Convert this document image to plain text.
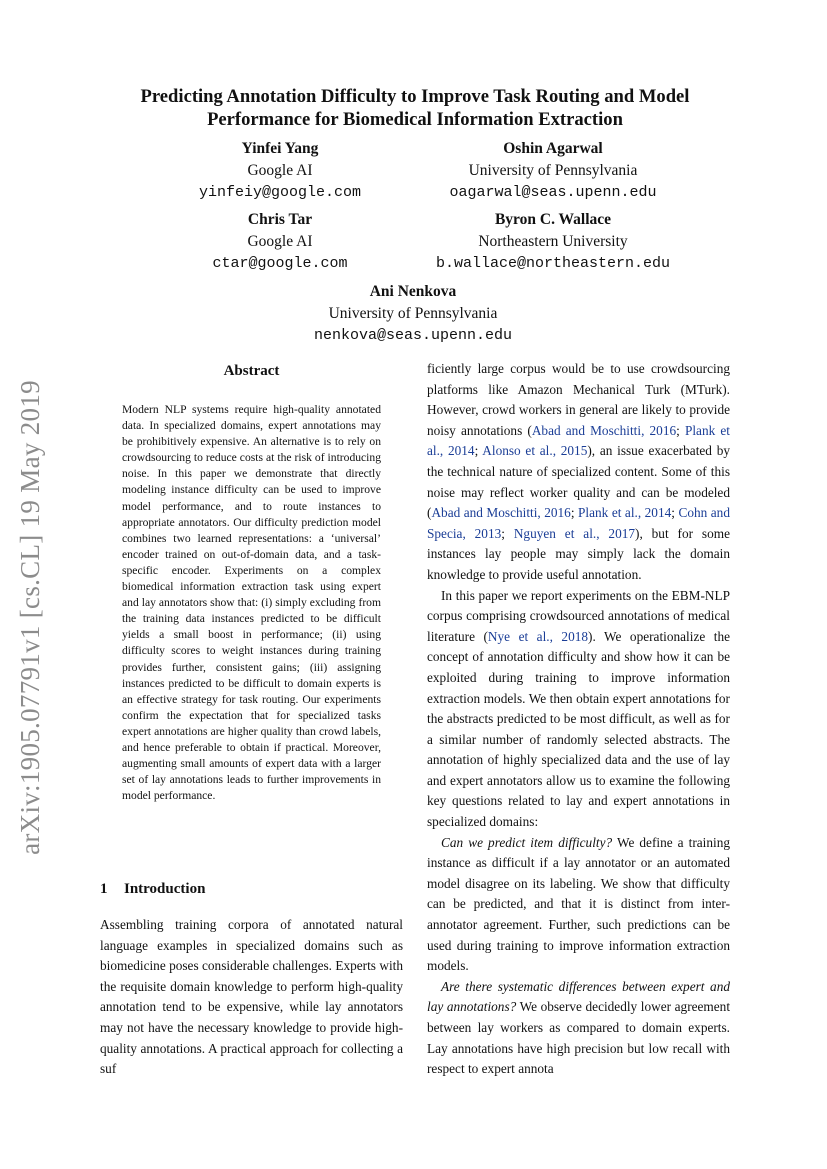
arXiv:1905.07791v1 [cs.CL] 19 May 2019
Predicting Annotation Difficulty to Improve Task Routing and Model
Performance for Biomedical Information Extraction
Yinfei Yang
Google AI
yinfeiy@google.com
Oshin Agarwal
University of Pennsylvania
oagarwal@seas.upenn.edu
Chris Tar
Google AI
ctar@google.com
Byron C. Wallace
Northeastern University
b.wallace@northeastern.edu
Ani Nenkova
University of Pennsylvania
nenkova@seas.upenn.edu
Abstract

Modern NLP systems require high-quality annotated data. In specialized domains, expert annotations may be prohibitively expensive. An alternative is to rely on crowdsourcing to reduce costs at the risk of introducing noise. In this paper we demonstrate that directly modeling instance difficulty can be used to improve model performance, and to route instances to appropriate annotators. Our difficulty prediction model combines two learned representations: a ‘universal’ encoder trained on out-of-domain data, and a task-specific encoder. Experiments on a complex biomedical information extraction task using expert and lay annotators show that: (i) simply excluding from the training data instances predicted to be difficult yields a small boost in performance; (ii) using difficulty scores to weight instances during training provides further, consistent gains; (iii) assigning instances predicted to be difficult to domain experts is an effective strategy for task routing. Our experiments confirm the expectation that for specialized tasks expert annotations are higher quality than crowd labels, and hence preferable to obtain if practical. Moreover, augmenting small amounts of expert data with a larger set of lay annotations leads to further improvements in model performance.

1 Introduction

Assembling training corpora of annotated natural language examples in specialized domains such as biomedicine poses considerable challenges. Experts with the requisite domain knowledge to perform high-quality annotation tend to be expensive, while lay annotators may not have the necessary knowledge to provide high-quality annotations. A practical approach for collecting a suf

ficiently large corpus would be to use crowdsourcing platforms like Amazon Mechanical Turk (MTurk). However, crowd workers in general are likely to provide noisy annotations (Abad and Moschitti, 2016; Plank et al., 2014; Alonso et al., 2015), an issue exacerbated by the technical nature of specialized content. Some of this noise may reflect worker quality and can be modeled (Abad and Moschitti, 2016; Plank et al., 2014; Cohn and Specia, 2013; Nguyen et al., 2017), but for some instances lay people may simply lack the domain knowledge to provide useful annotation.

In this paper we report experiments on the EBM-NLP corpus comprising crowdsourced annotations of medical literature (Nye et al., 2018). We operationalize the concept of annotation difficulty and show how it can be exploited during training to improve information extraction models. We then obtain expert annotations for the abstracts predicted to be most difficult, as well as for a similar number of randomly selected abstracts. The annotation of highly specialized data and the use of lay and expert annotators allow us to examine the following key questions related to lay and expert annotations in specialized domains:

Can we predict item difficulty? We define a training instance as difficult if a lay annotator or an automated model disagree on its labeling. We show that difficulty can be predicted, and that it is distinct from inter-annotator agreement. Further, such predictions can be used during training to improve information extraction models.

Are there systematic differences between expert and lay annotations? We observe decidedly lower agreement between lay workers as compared to domain experts. Lay annotations have high precision but low recall with respect to expert annota
